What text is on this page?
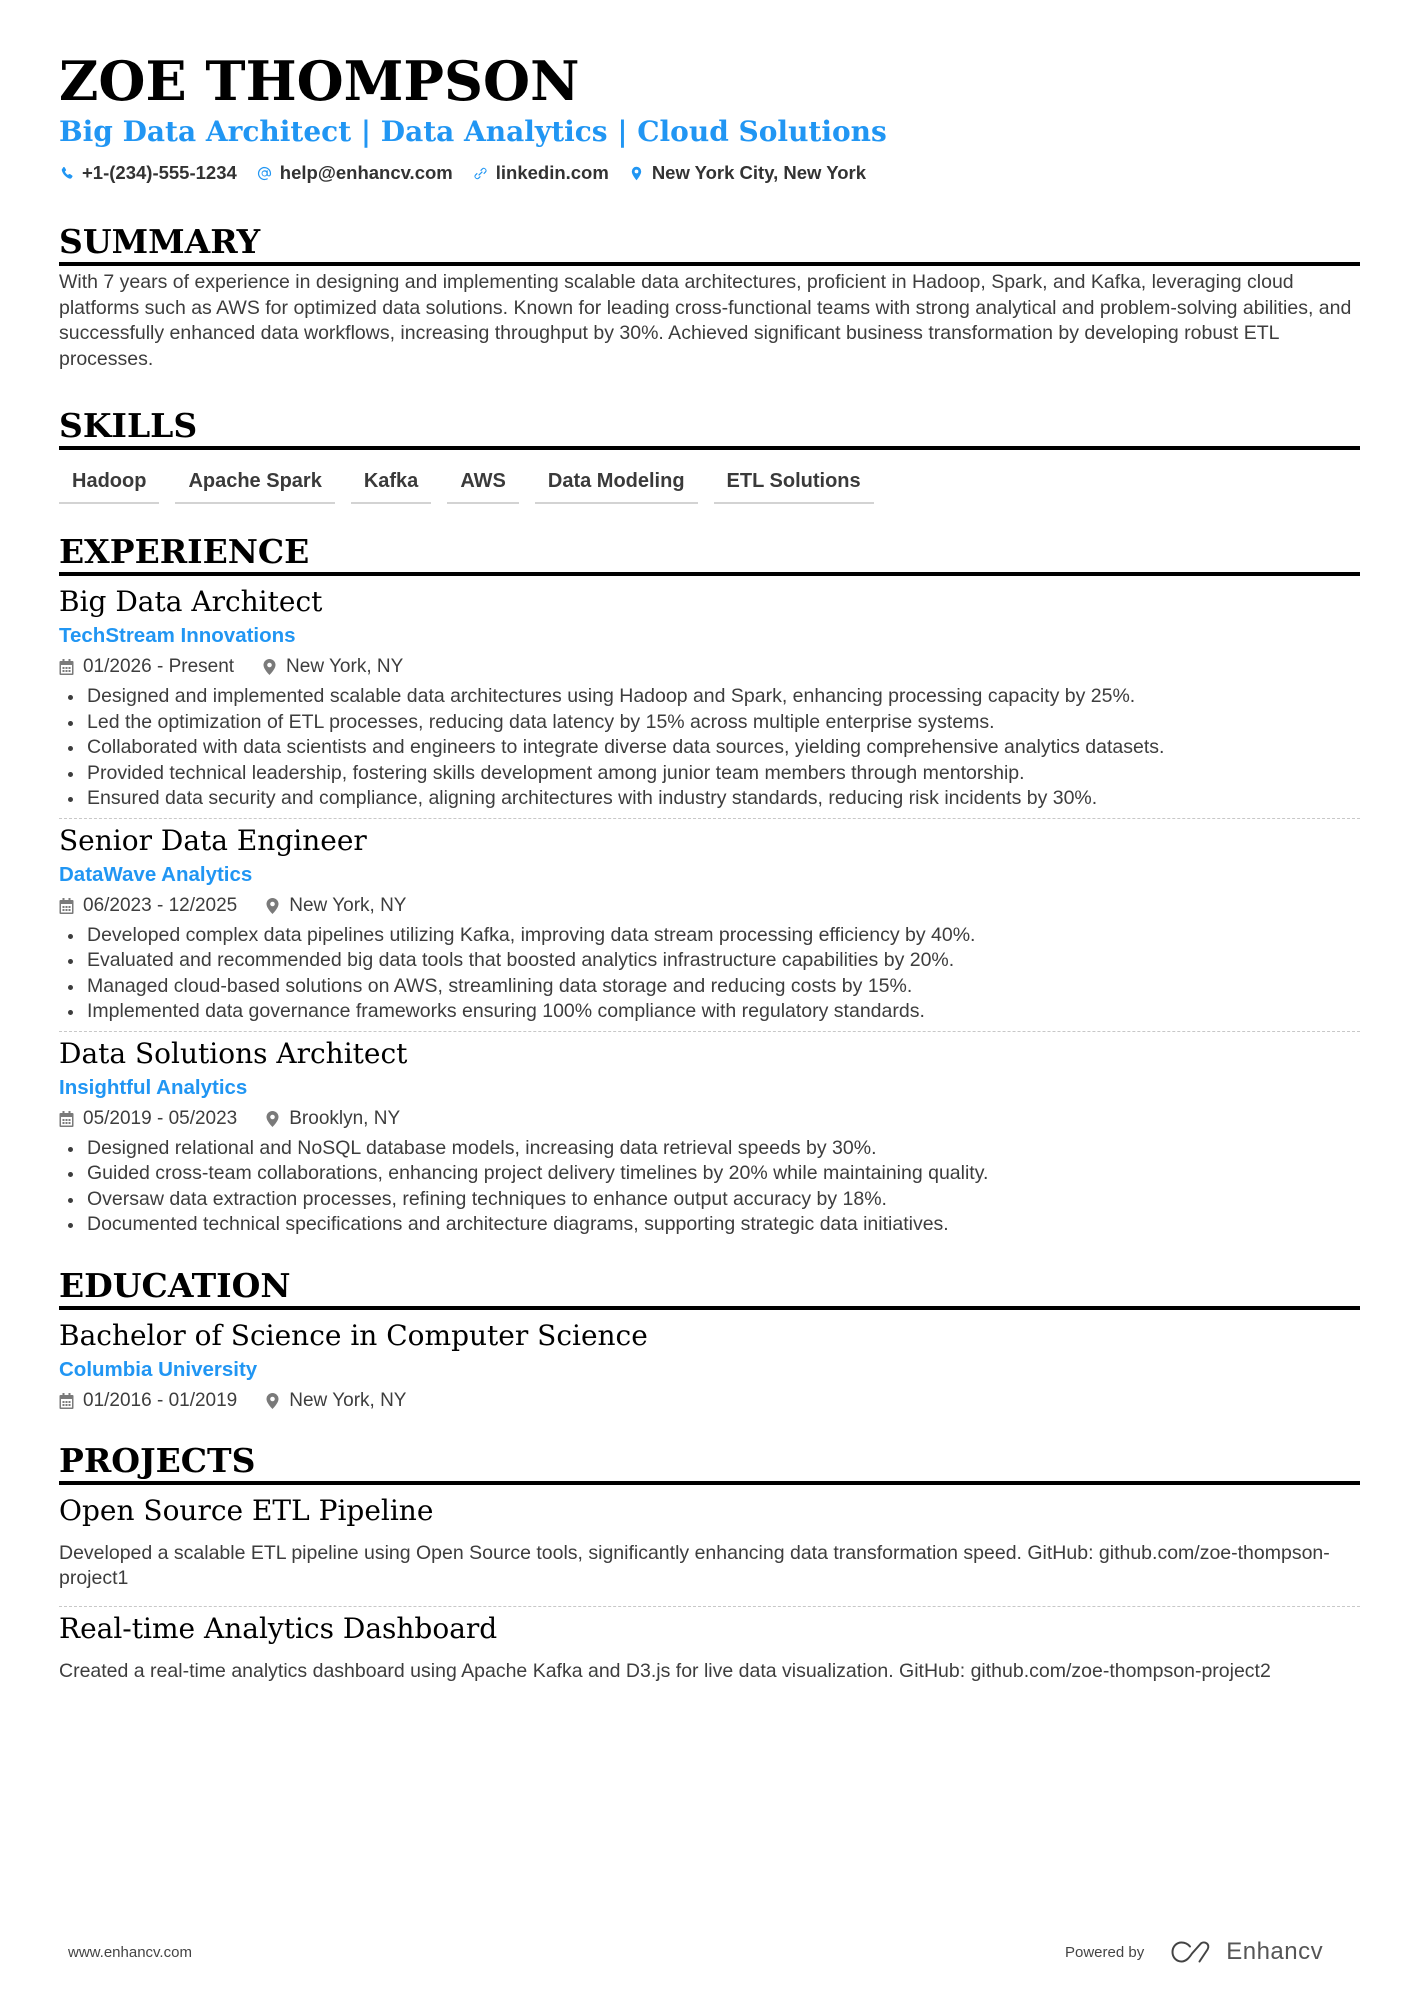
ZOE THOMPSON
Big Data Architect | Data Analytics | Cloud Solutions
+1-(234)-555-1234 help@enhancv.com linkedin.com New York City, New York
SUMMARY
With 7 years of experience in designing and implementing scalable data architectures, proficient in Hadoop, Spark, and Kafka, leveraging cloud platforms such as AWS for optimized data solutions. Known for leading cross-functional teams with strong analytical and problem-solving abilities, and successfully enhanced data workflows, increasing throughput by 30%. Achieved significant business transformation by developing robust ETL processes.
SKILLS
Hadoop	Apache Spark	Kafka	AWS	Data Modeling	ETL Solutions
EXPERIENCE
Big Data Architect
TechStream Innovations
01/2026 - Present	New York, NY
Designed and implemented scalable data architectures using Hadoop and Spark, enhancing processing capacity by 25%.
Led the optimization of ETL processes, reducing data latency by 15% across multiple enterprise systems.
Collaborated with data scientists and engineers to integrate diverse data sources, yielding comprehensive analytics datasets.
Provided technical leadership, fostering skills development among junior team members through mentorship.
Ensured data security and compliance, aligning architectures with industry standards, reducing risk incidents by 30%.
Senior Data Engineer
DataWave Analytics
06/2023 - 12/2025	New York, NY
Developed complex data pipelines utilizing Kafka, improving data stream processing efficiency by 40%.
Evaluated and recommended big data tools that boosted analytics infrastructure capabilities by 20%.
Managed cloud-based solutions on AWS, streamlining data storage and reducing costs by 15%.
Implemented data governance frameworks ensuring 100% compliance with regulatory standards.
Data Solutions Architect
Insightful Analytics
05/2019 - 05/2023	Brooklyn, NY
Designed relational and NoSQL database models, increasing data retrieval speeds by 30%.
Guided cross-team collaborations, enhancing project delivery timelines by 20% while maintaining quality.
Oversaw data extraction processes, refining techniques to enhance output accuracy by 18%.
Documented technical specifications and architecture diagrams, supporting strategic data initiatives.
EDUCATION
Bachelor of Science in Computer Science
Columbia University
01/2016 - 01/2019	New York, NY
PROJECTS
Open Source ETL Pipeline
Developed a scalable ETL pipeline using Open Source tools, significantly enhancing data transformation speed. GitHub: github.com/zoe-thompson-project1
Real-time Analytics Dashboard
Created a real-time analytics dashboard using Apache Kafka and D3.js for live data visualization. GitHub: github.com/zoe-thompson-project2
www.enhancv.com	Powered by	Enhancv
